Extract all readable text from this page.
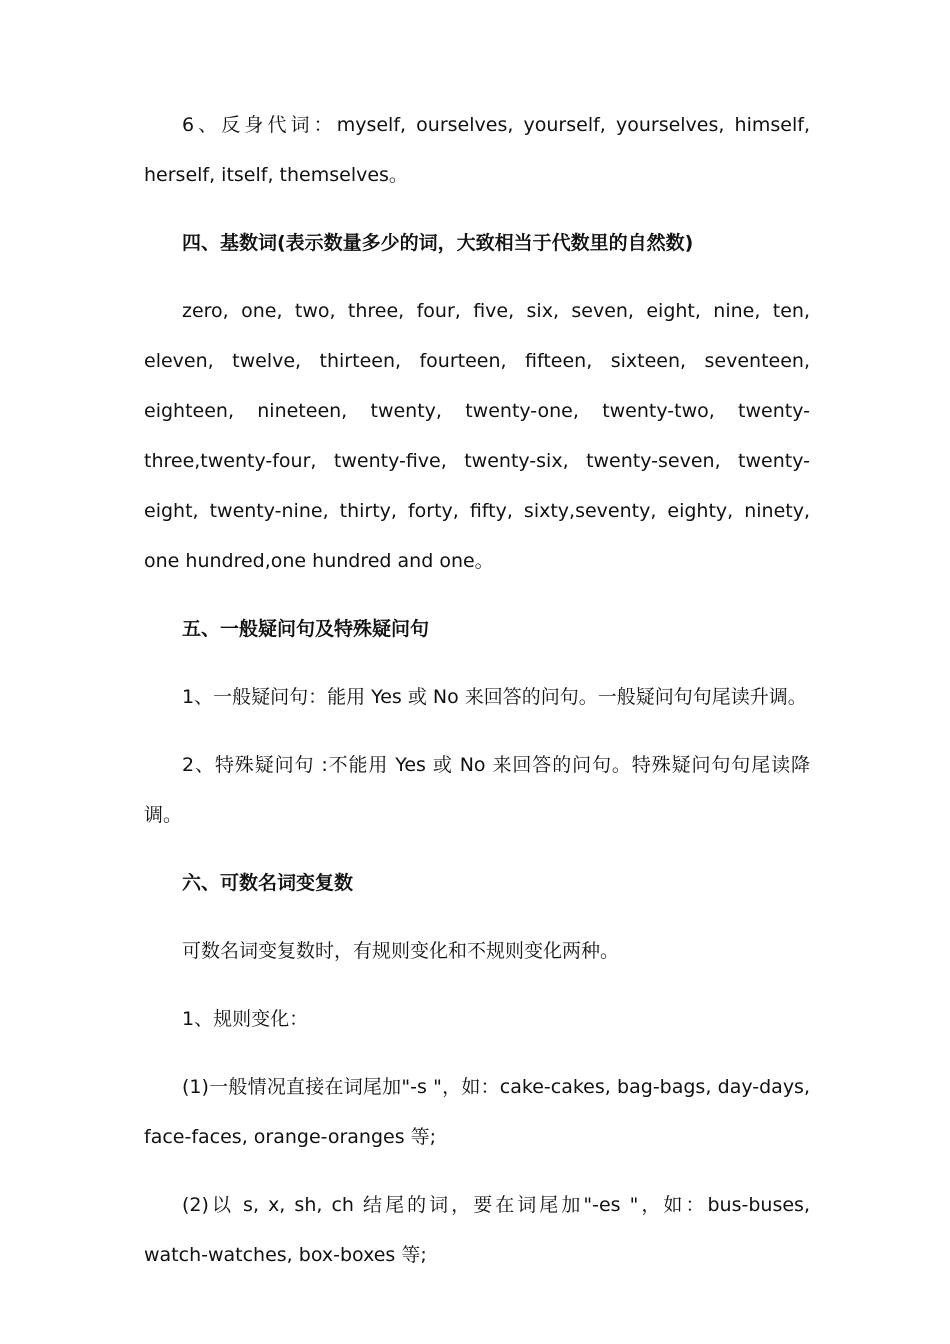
6、反身代词：myself, ourselves, yourself, yourselves, himself, herself, itself, themselves。

四、基数词(表示数量多少的词，大致相当于代数里的自然数)

zero, one, two, three, four, five, six, seven, eight, nine, ten, eleven, twelve, thirteen, fourteen, fifteen, sixteen, seventeen, eighteen, nineteen, twenty, twenty-one, twenty-two, twenty-three,twenty-four, twenty-five, twenty-six, twenty-seven, twenty-eight, twenty-nine, thirty, forty, fifty, sixty,seventy, eighty, ninety, one hundred,one hundred and one。

五、一般疑问句及特殊疑问句

1、一般疑问句：能用 Yes 或 No 来回答的问句。一般疑问句句尾读升调。

2、特殊疑问句 :不能用 Yes 或 No 来回答的问句。特殊疑问句句尾读降调。

六、可数名词变复数

可数名词变复数时，有规则变化和不规则变化两种。

1、规则变化：

(1)一般情况直接在词尾加"-s "，如：cake-cakes, bag-bags, day-days, face-faces, orange-oranges 等;

(2)以 s, x, sh, ch 结尾的词，要在词尾加"-es "，如：bus-buses, watch-watches, box-boxes 等;
